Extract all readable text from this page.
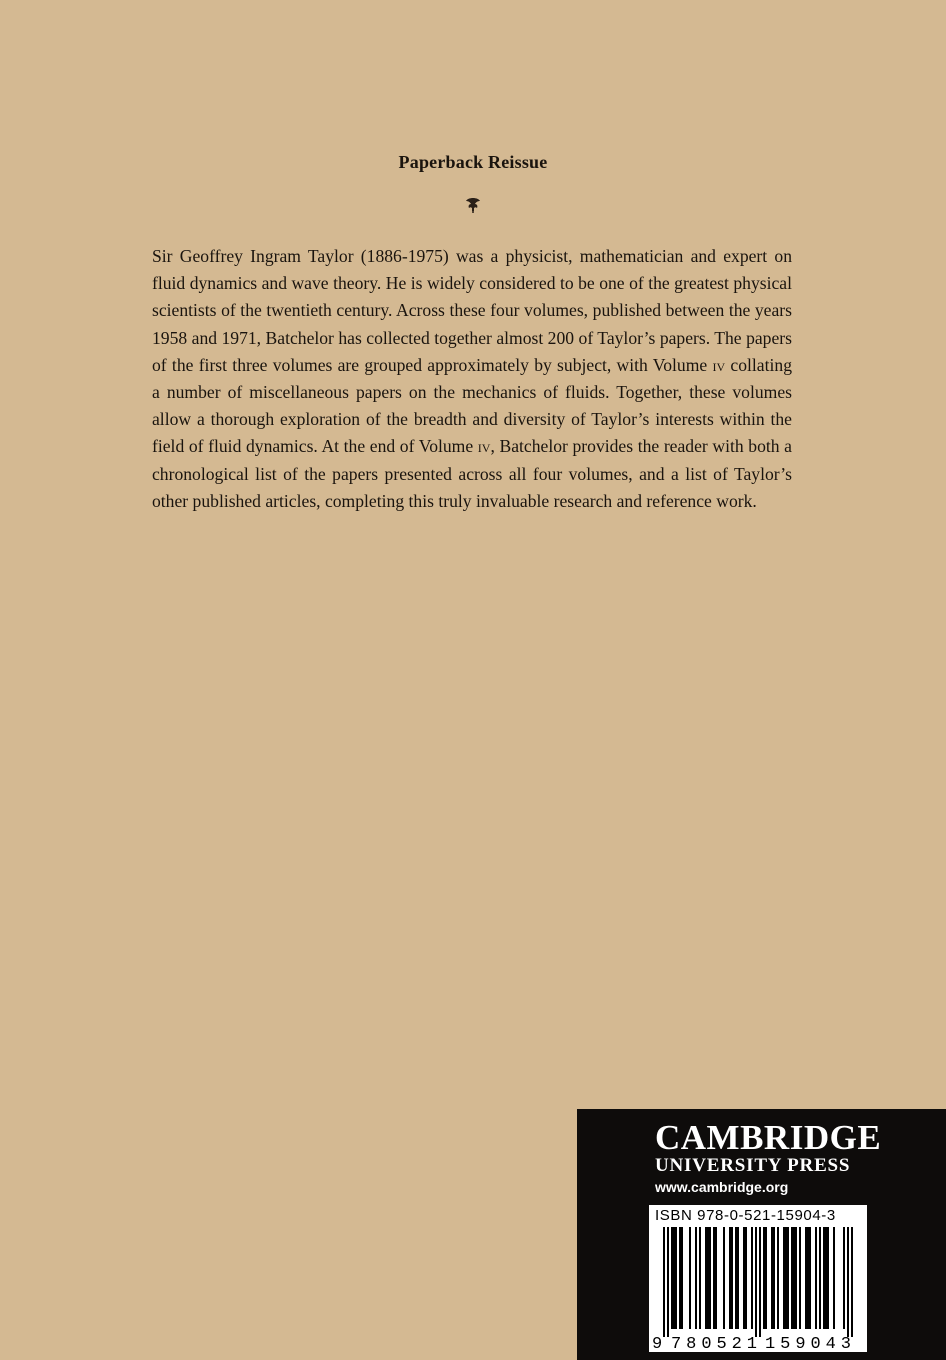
Paperback Reissue

Sir Geoffrey Ingram Taylor (1886-1975) was a physicist, mathematician and expert on fluid dynamics and wave theory. He is widely considered to be one of the greatest physical scientists of the twentieth century. Across these four volumes, published between the years 1958 and 1971, Batchelor has collected together almost 200 of Taylor’s papers. The papers of the first three volumes are grouped approximately by subject, with Volume iv collating a number of miscellaneous papers on the mechanics of fluids. Together, these volumes allow a thorough exploration of the breadth and diversity of Taylor’s interests within the field of fluid dynamics. At the end of Volume iv, Batchelor provides the reader with both a chronological list of the papers presented across all four volumes, and a list of Taylor’s other published articles, completing this truly invaluable research and reference work.

CAMBRIDGE
UNIVERSITY PRESS
www.cambridge.org
ISBN 978-0-521-15904-3
9 780521 159043
